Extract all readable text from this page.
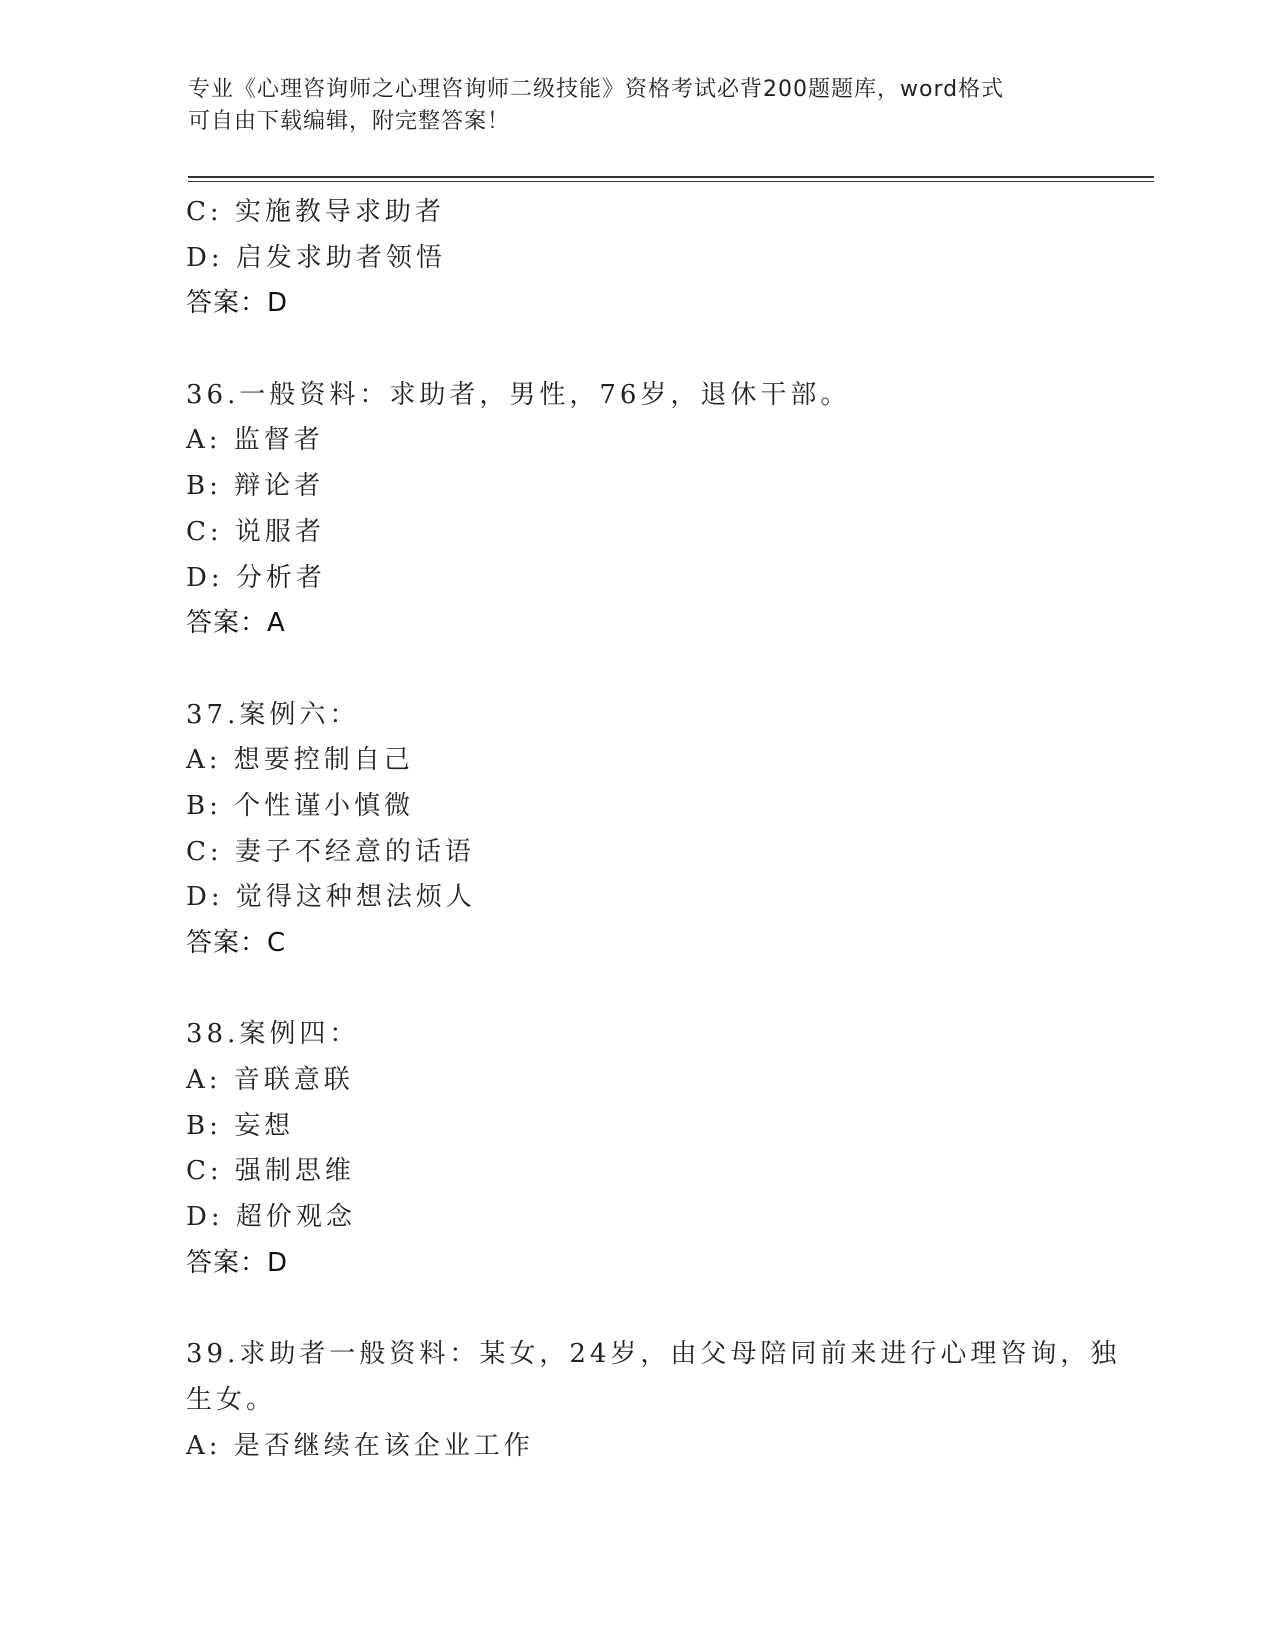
专业《心理咨询师之心理咨询师二级技能》资格考试必背200题题库，word格式
可自由下载编辑，附完整答案！
C: 实施教导求助者
D: 启发求助者领悟
答案：D
36.一般资料：求助者，男性，76岁，退休干部。
A: 监督者
B: 辩论者
C: 说服者
D: 分析者
答案：A
37.案例六：
A: 想要控制自己
B: 个性谨小慎微
C: 妻子不经意的话语
D: 觉得这种想法烦人
答案：C
38.案例四：
A: 音联意联
B: 妄想
C: 强制思维
D: 超价观念
答案：D
39.求助者一般资料：某女，24岁，由父母陪同前来进行心理咨询，独
生女。
A: 是否继续在该企业工作
